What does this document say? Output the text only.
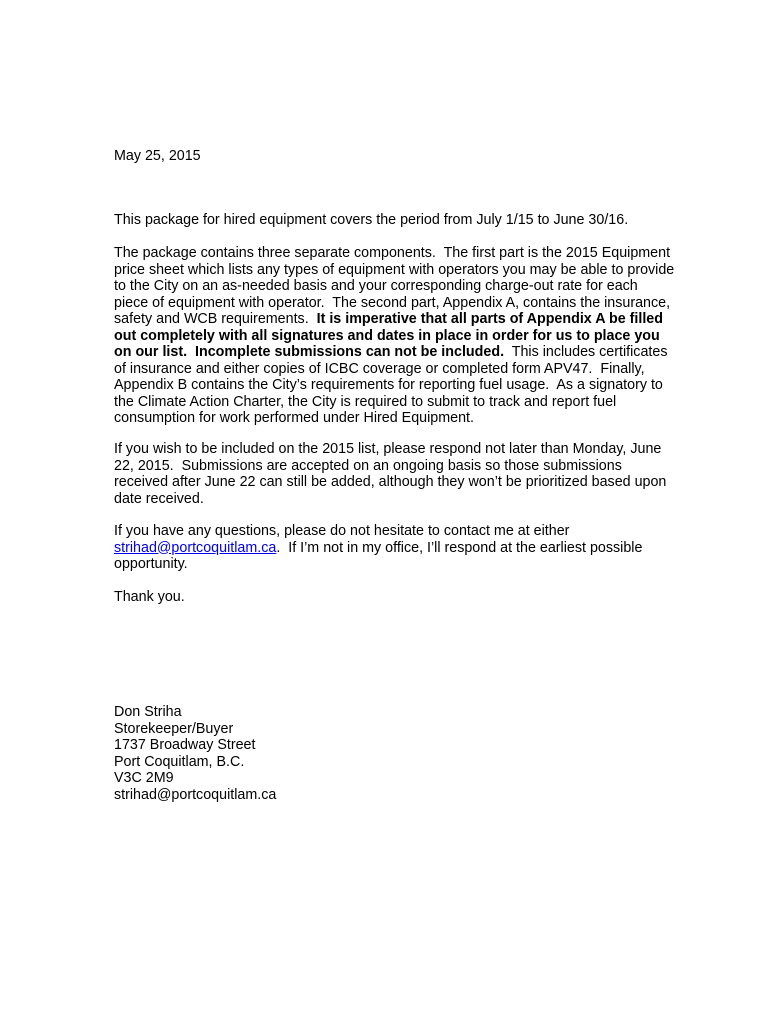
May 25, 2015
This package for hired equipment covers the period from July 1/15 to June 30/16.
The package contains three separate components.  The first part is the 2015 Equipment
price sheet which lists any types of equipment with operators you may be able to provide
to the City on an as-needed basis and your corresponding charge-out rate for each
piece of equipment with operator.  The second part, Appendix A, contains the insurance,
safety and WCB requirements.  It is imperative that all parts of Appendix A be filled
out completely with all signatures and dates in place in order for us to place you
on our list.  Incomplete submissions can not be included.  This includes certificates
of insurance and either copies of ICBC coverage or completed form APV47.  Finally,
Appendix B contains the City’s requirements for reporting fuel usage.  As a signatory to
the Climate Action Charter, the City is required to submit to track and report fuel
consumption for work performed under Hired Equipment.
If you wish to be included on the 2015 list, please respond not later than Monday, June
22, 2015.  Submissions are accepted on an ongoing basis so those submissions
received after June 22 can still be added, although they won’t be prioritized based upon
date received.
If you have any questions, please do not hesitate to contact me at either
strihad@portcoquitlam.ca.  If I’m not in my office, I’ll respond at the earliest possible
opportunity.
Thank you.
Don Striha
Storekeeper/Buyer
1737 Broadway Street
Port Coquitlam, B.C.
V3C 2M9
strihad@portcoquitlam.ca
